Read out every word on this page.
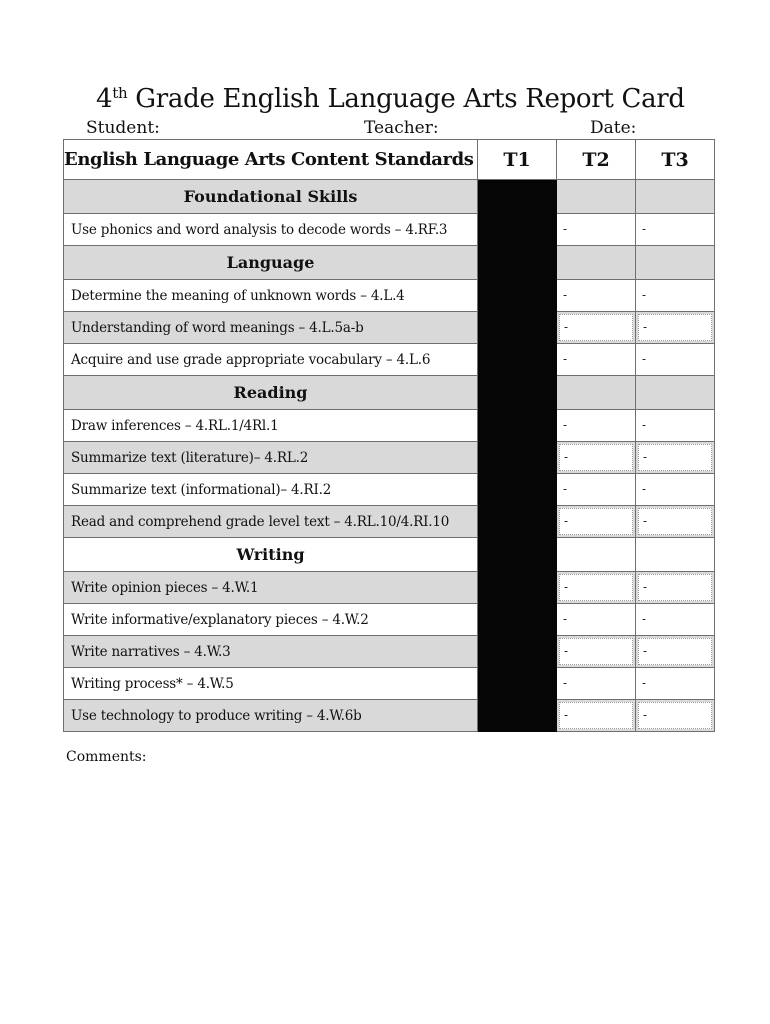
4th Grade English Language Arts Report Card
Student:	Teacher:	Date:
English Language Arts Content Standards	T1	T2	T3
Foundational Skills			
Use phonics and word analysis to decode words – 4.RF.3		-	-

Language			
Determine the meaning of unknown words – 4.L.4		-	-

Understanding of word meanings – 4.L.5a-b		-	-

Acquire and use grade appropriate vocabulary – 4.L.6		-	-

Reading			
Draw inferences – 4.RL.1/4Rl.1		-	-

Summarize text (literature)– 4.RL.2		-	-

Summarize text (informational)– 4.RI.2		-	-

Read and comprehend grade level text – 4.RL.10/4.RI.10		-	-

Writing			
Write opinion pieces – 4.W.1		-	-

Write informative/explanatory pieces – 4.W.2		-	-

Write narratives – 4.W.3		-	-

Writing process* – 4.W.5		-	-

Use technology to produce writing – 4.W.6b		-	-
Comments:
